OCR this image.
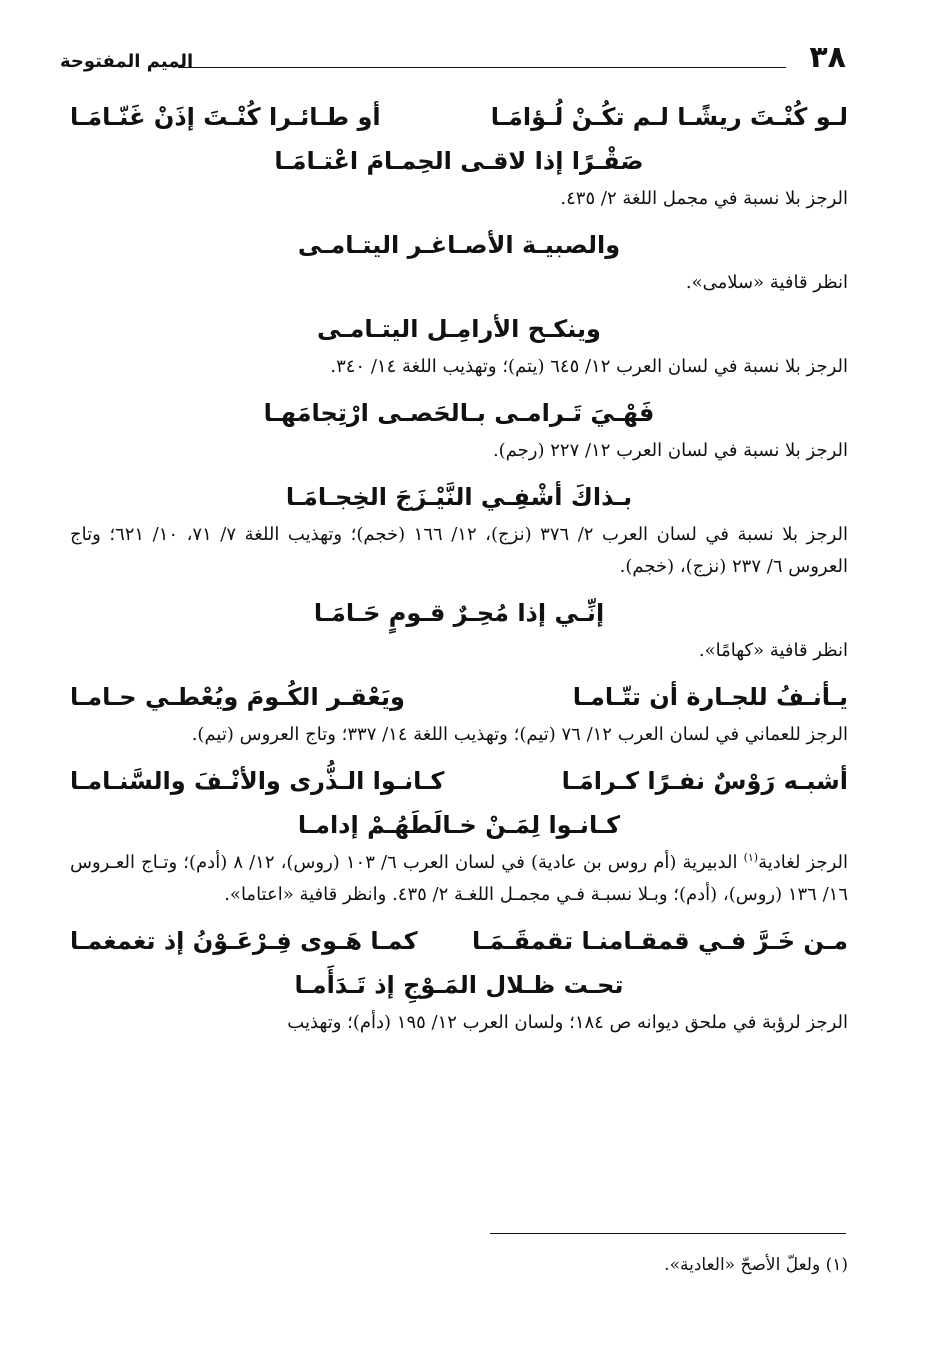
٣٨
الميم المفتوحة
لـو كُنْـتَ ريشًـا لـم تكُـنْ لُـؤامَـا
أو طـائـرا كُنْـتَ إذَنْ غَنّـامَـا
صَقْـرًا إذا لاقـى الحِمـامَ اعْتـامَـا

الرجز بلا نسبة في مجمل اللغة ٢/ ٤٣٥.

والصبيـة الأصـاغـر اليتـامـى

انظر قافية «سلامى».

وينكـح الأرامِـل اليتـامـى

الرجز بلا نسبة في لسان العرب ١٢/ ٦٤٥ (يتم)؛ وتهذيب اللغة ١٤/ ٣٤٠.

فَهْـيَ تَـرامـى بـالحَصـى ارْتِجامَهـا

الرجز بلا نسبة في لسان العرب ١٢/ ٢٢٧ (رجم).

بـذاكَ أشْفِـي النَّيْـزَجَ الخِجـامَـا

الرجز بلا نسبة في لسان العرب ٢/ ٣٧٦ (نزج)، ١٢/ ١٦٦ (خجم)؛ وتهذيب اللغة ٧/ ٧١، ١٠/ ٦٢١؛ وتاج العروس ٦/ ٢٣٧ (نزج)، (خجم).

إنِّـي إذا مُحِـرٌ قـومٍ حَـامَـا

انظر قافية «كهامًا».

يـأنـفُ للجـارة أن تتّـامـا
ويَعْقـر الكُـومَ ويُعْطـي حـامـا

الرجز للعماني في لسان العرب ١٢/ ٧٦ (تيم)؛ وتهذيب اللغة ١٤/ ٣٣٧؛ وتاج العروس (تيم).

أشبـه رَوْسٌ نفـرًا كـرامَـا
كـانـوا الـذُّرى والأنْـفَ والسَّنـامـا
كـانـوا لِمَـنْ خـالَطَهُـمْ إدامـا

الرجز لغادية$^{(١)}$ الدبيرية (أم روس بن عادية) في لسان العرب ٦/ ١٠٣ (روس)، ١٢/ ٨ (أدم)؛ وتـاج العـروس ١٦/ ١٣٦ (روس)، (أدم)؛ وبـلا نسبـة فـي مجمـل اللغـة ٢/ ٤٣٥. وانظر قافية «اعتاما».

مـن خَـرَّ فـي قمقـامنـا تقمقَـمَـا
كمـا هَـوى فِـرْعَـوْنُ إذ تغمغمـا
تحـت ظـلال المَـوْجِ إذ تَـدَأَمـا

الرجز لرؤبة في ملحق ديوانه ص ١٨٤؛ ولسان العرب ١٢/ ١٩٥ (دأم)؛ وتهذيب

(١) ولعلّ الأصحّ «العادية».
